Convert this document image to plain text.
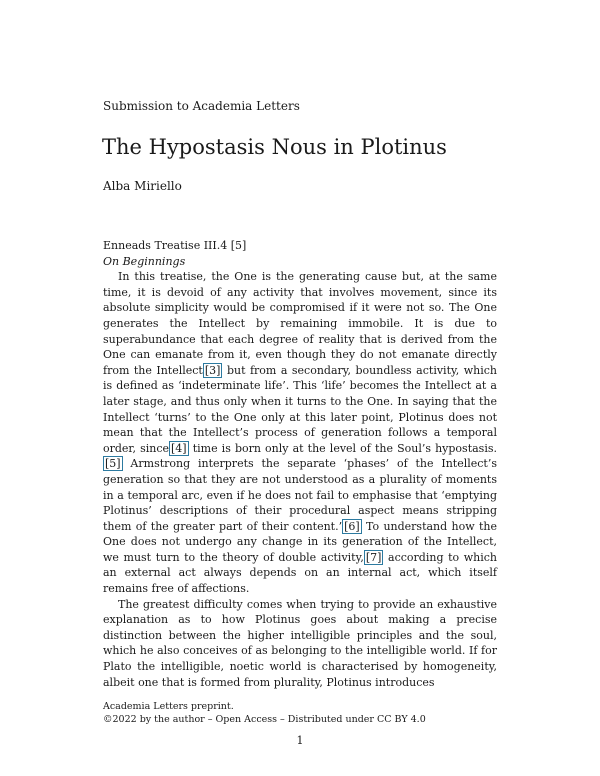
Submission to Academia Letters
The Hypostasis Nous in Plotinus
Alba Miriello

Enneads Treatise III.4 [5]

On Beginnings

In this treatise, the One is the generating cause but, at the same time, it is devoid of any activity that involves movement, since its absolute simplicity would be compromised if it were not so. The One generates the Intellect by remaining immobile. It is due to superabundance that each degree of reality that is derived from the One can emanate from it, even though they do not emanate directly from the Intellect [3] but from a secondary, boundless activity, which is defined as ‘indeterminate life’. This ‘life’ becomes the Intellect at a later stage, and thus only when it turns to the One. In saying that the Intellect ‘turns’ to the One only at this later point, Plotinus does not mean that the Intellect’s process of generation follows a temporal order, since [4] time is born only at the level of the Soul’s hypostasis.[5] Armstrong interprets the separate ‘phases’ of the Intellect’s generation so that they are not understood as a plurality of moments in a temporal arc, even if he does not fail to emphasise that ‘emptying Plotinus’ descriptions of their procedural aspect means stripping them of the greater part of their content.’ [6] To understand how the One does not undergo any change in its generation of the Intellect, we must turn to the theory of double activity, [7] according to which an external act always depends on an internal act, which itself remains free of affections.

The greatest difficulty comes when trying to provide an exhaustive explanation as to how Plotinus goes about making a precise distinction between the higher intelligible principles and the soul, which he also conceives of as belonging to the intelligible world. If for Plato the intelligible, noetic world is characterised by homogeneity, albeit one that is formed from plurality, Plotinus introduces

Academia Letters preprint.
©2022 by the author – Open Access – Distributed under CC BY 4.0
1
